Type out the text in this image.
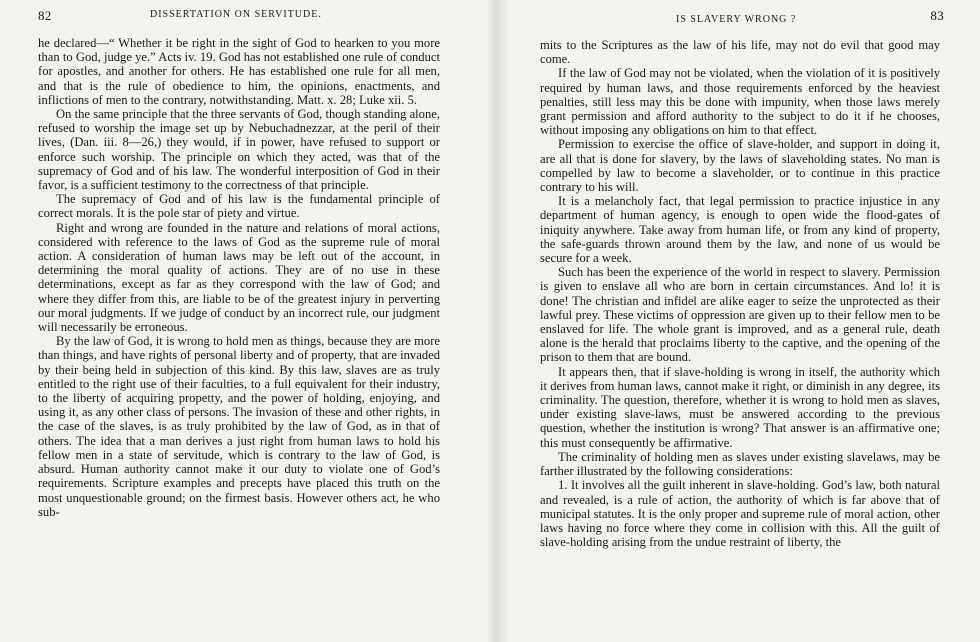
82	DISSERTATION ON SERVITUDE.

he declared—“ Whether it be right in the sight of God to hearken to you more than to God, judge ye.” Acts iv. 19. God has not established one rule of conduct for apostles, and another for others. He has established one rule for all men, and that is the rule of obedience to him, the opinions, enactments, and inflictions of men to the contrary, notwithstanding. Matt. x. 28; Luke xii. 5.

On the same principle that the three servants of God, though standing alone, refused to worship the image set up by Nebuchadnezzar, at the peril of their lives, (Dan. iii. 8—26,) they would, if in power, have refused to support or enforce such worship. The principle on which they acted, was that of the supremacy of God and of his law. The wonderful interposition of God in their favor, is a sufficient testimony to the correctness of that principle.

The supremacy of God and of his law is the fundamental principle of correct morals. It is the pole star of piety and virtue.

Right and wrong are founded in the nature and relations of moral actions, considered with reference to the laws of God as the supreme rule of moral action. A consideration of human laws may be left out of the account, in determining the moral quality of actions. They are of no use in these determinations, except as far as they correspond with the law of God; and where they differ from this, are liable to be of the greatest injury in perverting our moral judgments. If we judge of conduct by an incorrect rule, our judgment will necessarily be erroneous.

By the law of God, it is wrong to hold men as things, because they are more than things, and have rights of personal liberty and of property, that are invaded by their being held in subjection of this kind. By this law, slaves are as truly entitled to the right use of their faculties, to a full equivalent for their industry, to the liberty of acquiring propetty, and the power of holding, enjoying, and using it, as any other class of persons. The invasion of these and other rights, in the case of the slaves, is as truly prohibited by the law of God, as in that of others. The idea that a man derives a just right from human laws to hold his fellow men in a state of servitude, which is contrary to the law of God, is absurd. Human authority cannot make it our duty to violate one of God’s requirements. Scripture examples and precepts have placed this truth on the most unquestionable ground; on the firmest basis. However others act, he who sub-

IS SLAVERY WRONG ?	83

mits to the Scriptures as the law of his life, may not do evil that good may come.

If the law of God may not be violated, when the violation of it is positively required by human laws, and those requirements enforced by the heaviest penalties, still less may this be done with impunity, when those laws merely grant permission and afford authority to the subject to do it if he chooses, without imposing any obligations on him to that effect.

Permission to exercise the office of slave-holder, and support in doing it, are all that is done for slavery, by the laws of slaveholding states. No man is compelled by law to become a slaveholder, or to continue in this practice contrary to his will.

It is a melancholy fact, that legal permission to practice injustice in any department of human agency, is enough to open wide the flood-gates of iniquity anywhere. Take away from human life, or from any kind of property, the safe-guards thrown around them by the law, and none of us would be secure for a week.

Such has been the experience of the world in respect to slavery. Permission is given to enslave all who are born in certain circumstances. And lo! it is done! The christian and infidel are alike eager to seize the unprotected as their lawful prey. These victims of oppression are given up to their fellow men to be enslaved for life. The whole grant is improved, and as a general rule, death alone is the herald that proclaims liberty to the captive, and the opening of the prison to them that are bound.

It appears then, that if slave-holding is wrong in itself, the authority which it derives from human laws, cannot make it right, or diminish in any degree, its criminality. The question, therefore, whether it is wrong to hold men as slaves, under existing slave-laws, must be answered according to the previous question, whether the institution is wrong? That answer is an affirmative one; this must consequently be affirmative.

The criminality of holding men as slaves under existing slavelaws, may be farther illustrated by the following considerations:

1. It involves all the guilt inherent in slave-holding. God’s law, both natural and revealed, is a rule of action, the authority of which is far above that of municipal statutes. It is the only proper and supreme rule of moral action, other laws having no force where they come in collision with this. All the guilt of slave-holding arising from the undue restraint of liberty, the
